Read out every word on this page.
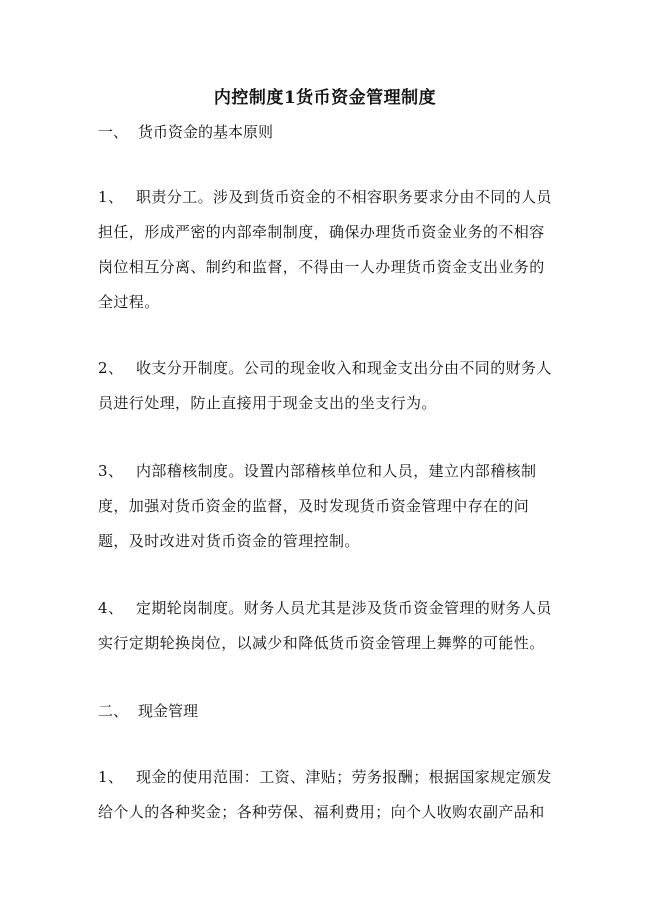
内控制度1货币资金管理制度
一、 货币资金的基本原则
1、 职责分工。涉及到货币资金的不相容职务要求分由不同的人员
担任，形成严密的内部牵制制度，确保办理货币资金业务的不相容
岗位相互分离、制约和监督，不得由一人办理货币资金支出业务的
全过程。
2、 收支分开制度。公司的现金收入和现金支出分由不同的财务人
员进行处理，防止直接用于现金支出的坐支行为。
3、 内部稽核制度。设置内部稽核单位和人员，建立内部稽核制
度，加强对货币资金的监督，及时发现货币资金管理中存在的问
题，及时改进对货币资金的管理控制。
4、 定期轮岗制度。财务人员尤其是涉及货币资金管理的财务人员
实行定期轮换岗位，以减少和降低货币资金管理上舞弊的可能性。
二、 现金管理
1、 现金的使用范围：工资、津贴；劳务报酬；根据国家规定颁发
给个人的各种奖金；各种劳保、福利费用；向个人收购农副产品和
